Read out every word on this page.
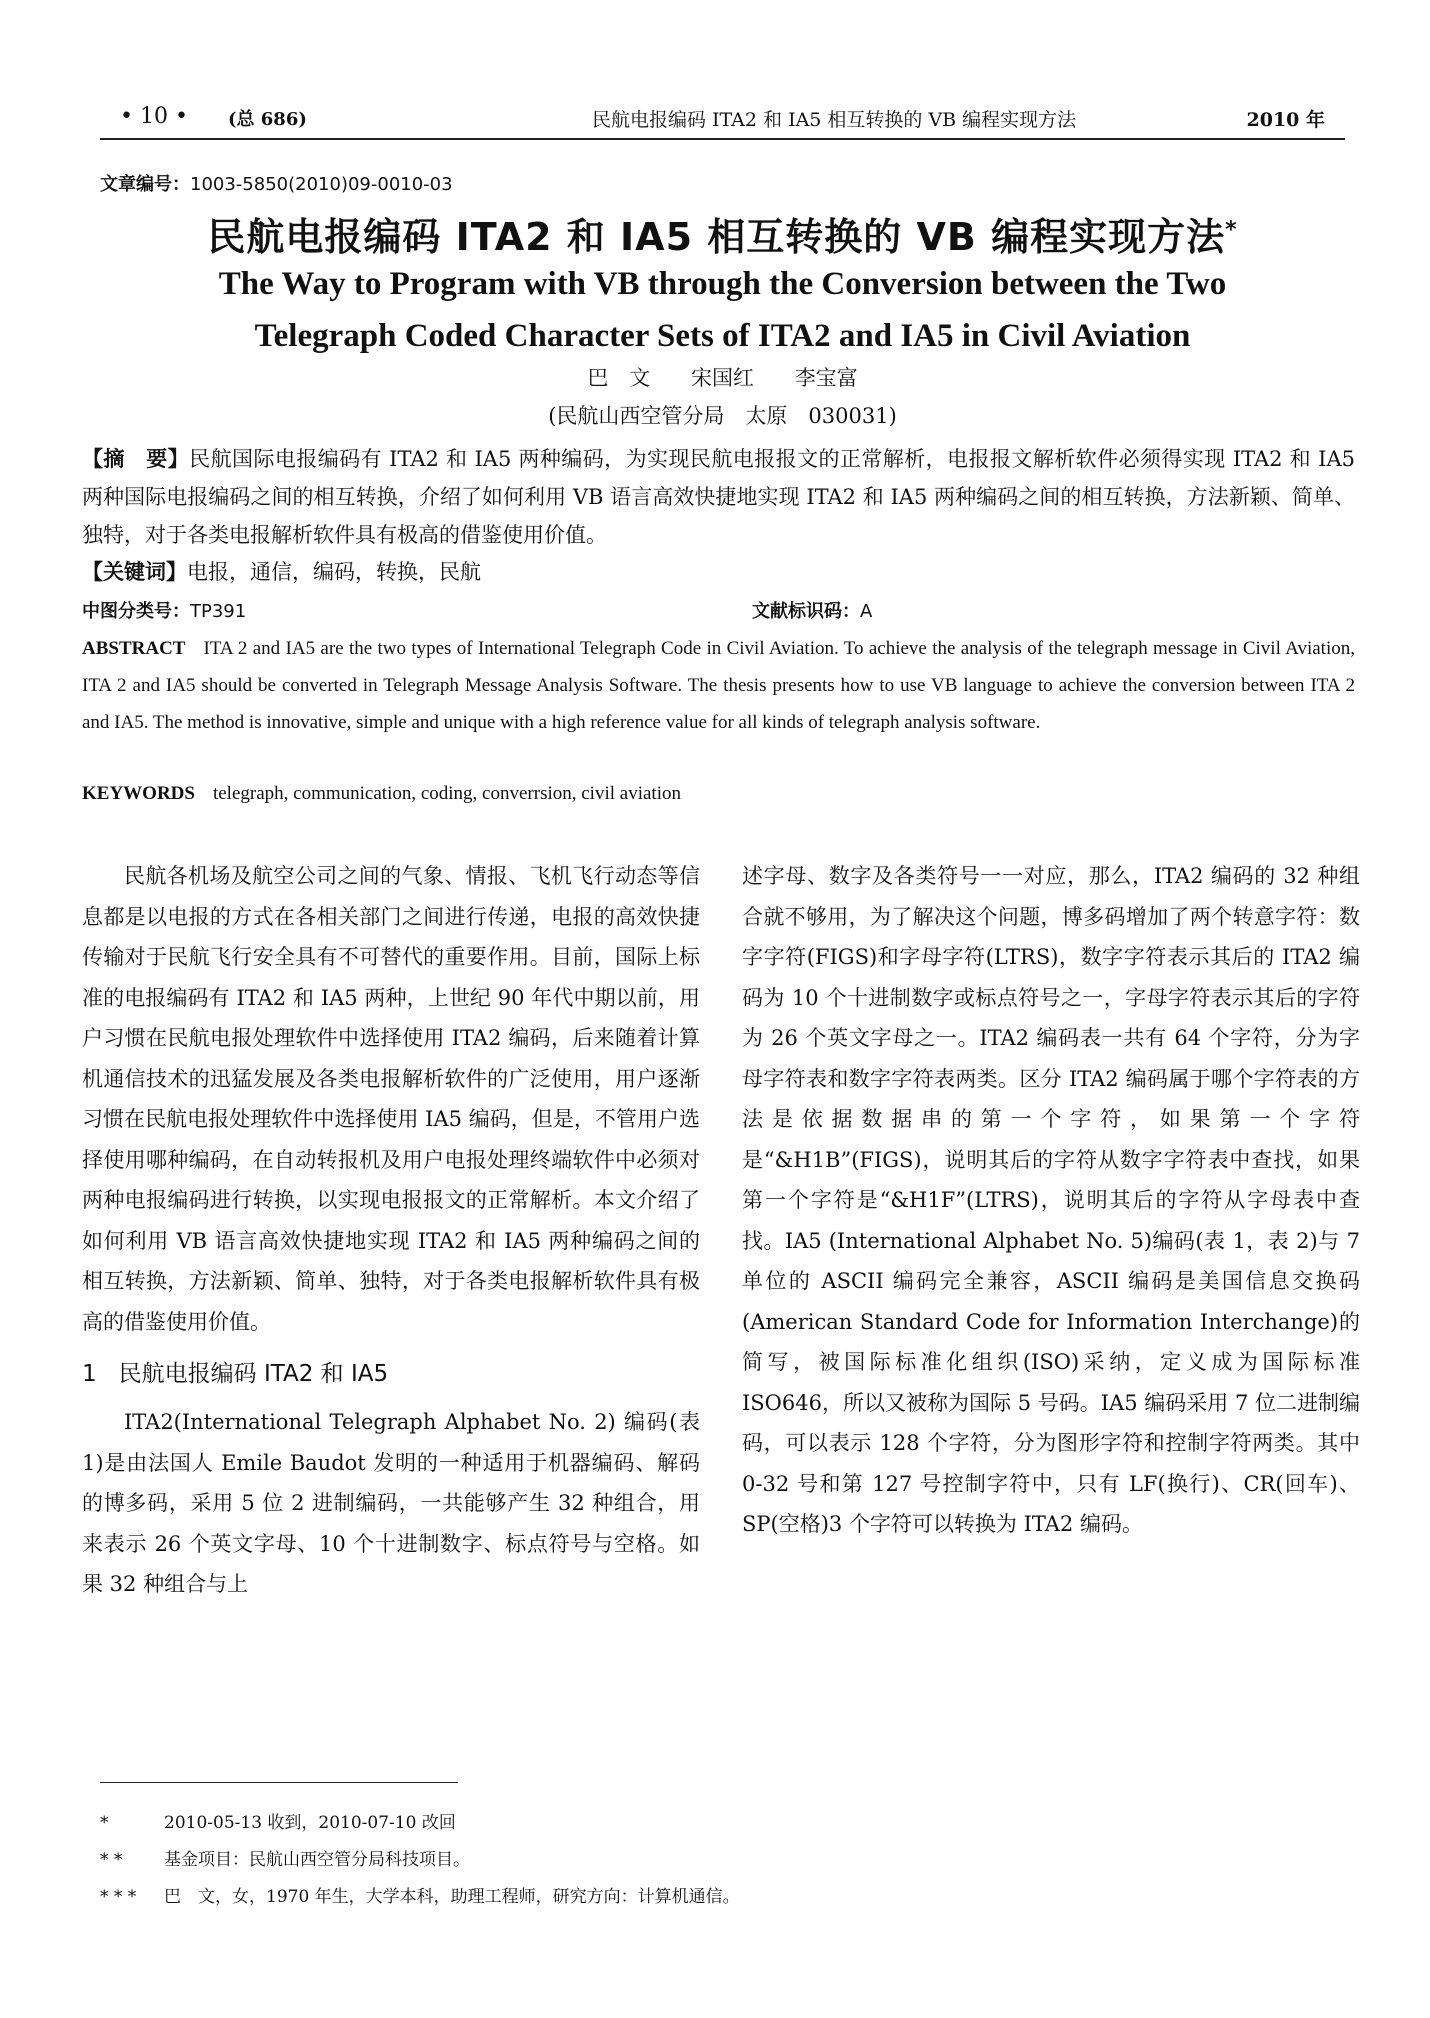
• 10 • (总 686)	民航电报编码 ITA2 和 IA5 相互转换的 VB 编程实现方法	2010 年
文章编号：1003-5850(2010)09-0010-03
民航电报编码 ITA2 和 IA5 相互转换的 VB 编程实现方法*
The Way to Program with VB through the Conversion between the Two
Telegraph Coded Character Sets of ITA2 and IA5 in Civil Aviation
巴　文 宋国红 李宝富
(民航山西空管分局　太原　030031)
【摘　要】民航国际电报编码有 ITA2 和 IA5 两种编码，为实现民航电报报文的正常解析，电报报文解析软件必须得实现 ITA2 和 IA5 两种国际电报编码之间的相互转换，介绍了如何利用 VB 语言高效快捷地实现 ITA2 和 IA5 两种编码之间的相互转换，方法新颖、简单、独特，对于各类电报解析软件具有极高的借鉴使用价值。
【关键词】电报，通信，编码，转换，民航
中图分类号：TP391	文献标识码：A
ABSTRACT ITA 2 and IA5 are the two types of International Telegraph Code in Civil Aviation. To achieve the analysis of the telegraph message in Civil Aviation, ITA 2 and IA5 should be converted in Telegraph Message Analysis Software. The thesis presents how to use VB language to achieve the conversion between ITA 2 and IA5. The method is innovative, simple and unique with a high reference value for all kinds of telegraph analysis software.
KEYWORDS telegraph, communication, coding, converrsion, civil aviation

民航各机场及航空公司之间的气象、情报、飞机飞行动态等信息都是以电报的方式在各相关部门之间进行传递，电报的高效快捷传输对于民航飞行安全具有不可替代的重要作用。目前，国际上标准的电报编码有 ITA2 和 IA5 两种，上世纪 90 年代中期以前，用户习惯在民航电报处理软件中选择使用 ITA2 编码，后来随着计算机通信技术的迅猛发展及各类电报解析软件的广泛使用，用户逐渐习惯在民航电报处理软件中选择使用 IA5 编码，但是，不管用户选择使用哪种编码，在自动转报机及用户电报处理终端软件中必须对两种电报编码进行转换，以实现电报报文的正常解析。本文介绍了如何利用 VB 语言高效快捷地实现 ITA2 和 IA5 两种编码之间的相互转换，方法新颖、简单、独特，对于各类电报解析软件具有极高的借鉴使用价值。

1 民航电报编码 ITA2 和 IA5

ITA2(International Telegraph Alphabet No. 2) 编码(表 1)是由法国人 Emile Baudot 发明的一种适用于机器编码、解码的博多码，采用 5 位 2 进制编码，一共能够产生 32 种组合，用来表示 26 个英文字母、10 个十进制数字、标点符号与空格。如果 32 种组合与上

述字母、数字及各类符号一一对应，那么，ITA2 编码的 32 种组合就不够用，为了解决这个问题，博多码增加了两个转意字符：数字字符(FIGS)和字母字符(LTRS)，数字字符表示其后的 ITA2 编码为 10 个十进制数字或标点符号之一，字母字符表示其后的字符为 26 个英文字母之一。ITA2 编码表一共有 64 个字符，分为字母字符表和数字字符表两类。区分 ITA2 编码属于哪个字符表的方法是依据数据串的第一个字符，如果第一个字符是“&H1B”(FIGS)，说明其后的字符从数字字符表中查找，如果第一个字符是“&H1F”(LTRS)，说明其后的字符从字母表中查找。IA5 (International Alphabet No. 5)编码(表 1，表 2)与 7 单位的 ASCII 编码完全兼容，ASCII 编码是美国信息交换码(American Standard Code for Information Interchange)的简写，被国际标准化组织(ISO)采纳，定义成为国际标准 ISO646，所以又被称为国际 5 号码。IA5 编码采用 7 位二进制编码，可以表示 128 个字符，分为图形字符和控制字符两类。其中 0-32 号和第 127 号控制字符中，只有 LF(换行)、CR(回车)、SP(空格)3 个字符可以转换为 ITA2 编码。

*	2010-05-13 收到，2010-07-10 改回
* * 基金项目：民航山西空管分局科技项目。
* * * 巴　文，女，1970 年生，大学本科，助理工程师，研究方向：计算机通信。
